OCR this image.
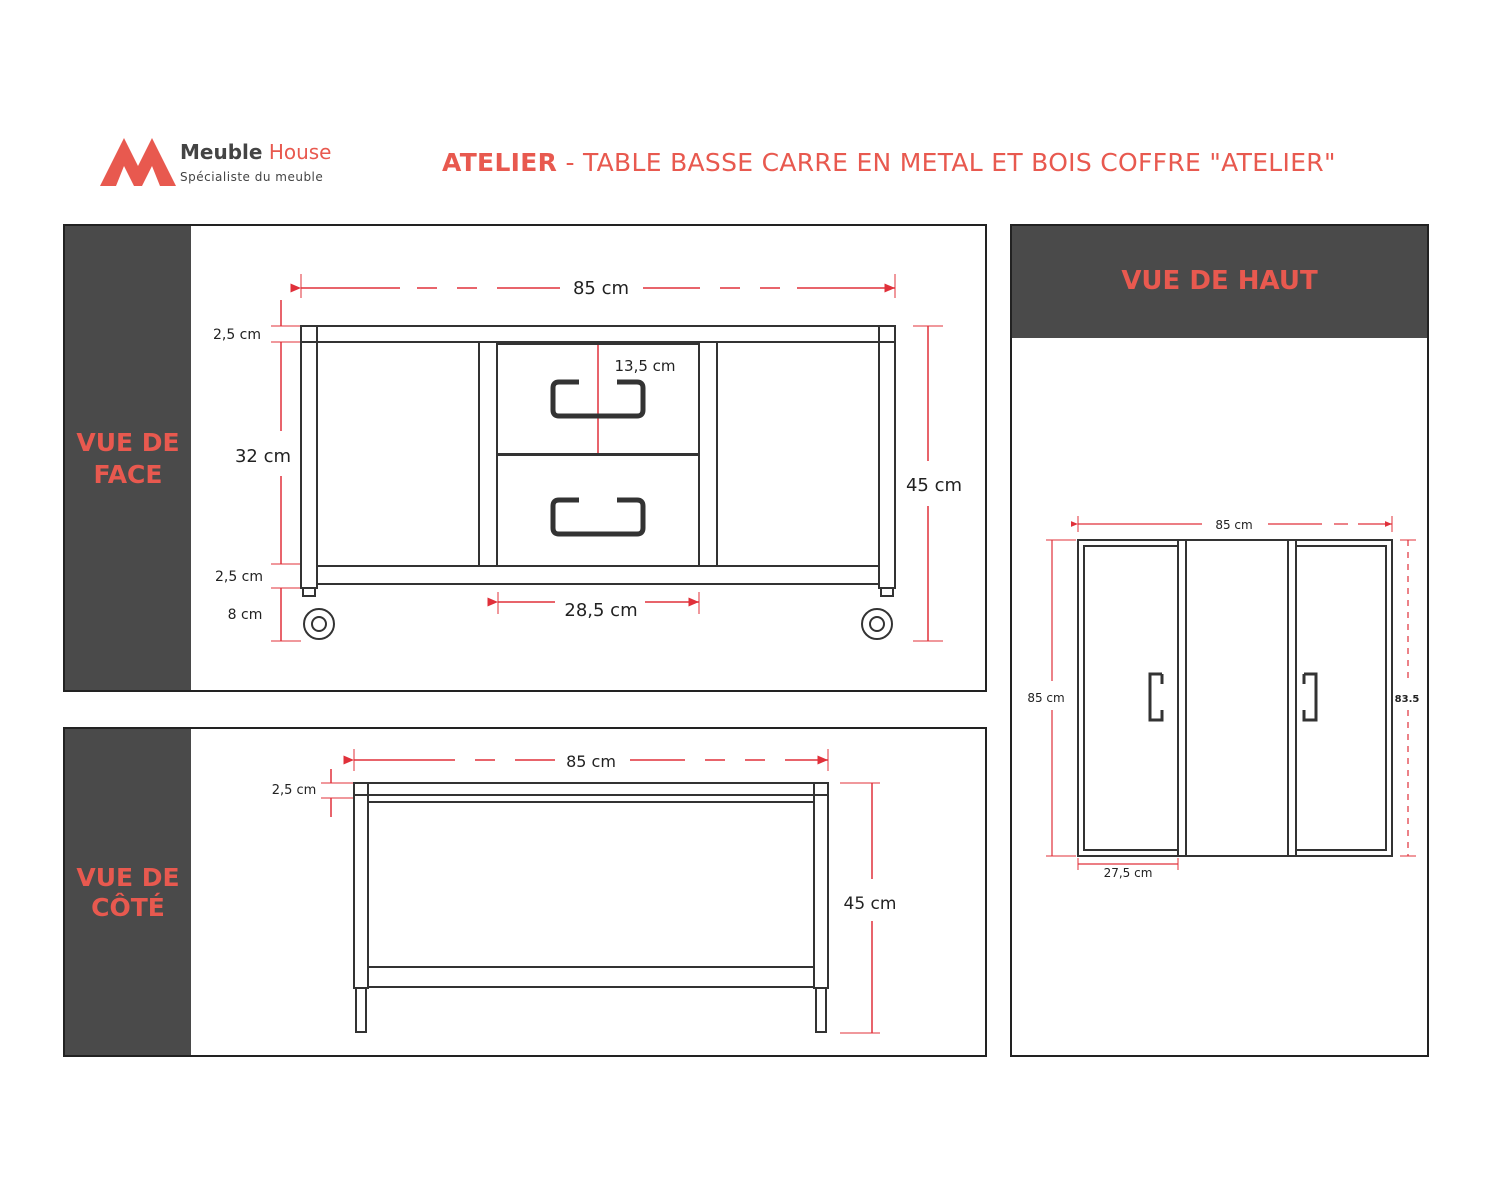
Meuble House
Spécialiste du meuble	ATELIER - TABLE BASSE CARRE EN METAL ET BOIS COFFRE "ATELIER"
VUE DE
FACE
85 cm
2,5 cm
32 cm
2,5 cm
8 cm
13,5 cm
28,5 cm
45 cm
VUE DE
CÔTÉ
85 cm
2,5 cm
45 cm
VUE DE HAUT
85 cm
85 cm	83.5
27,5 cm
